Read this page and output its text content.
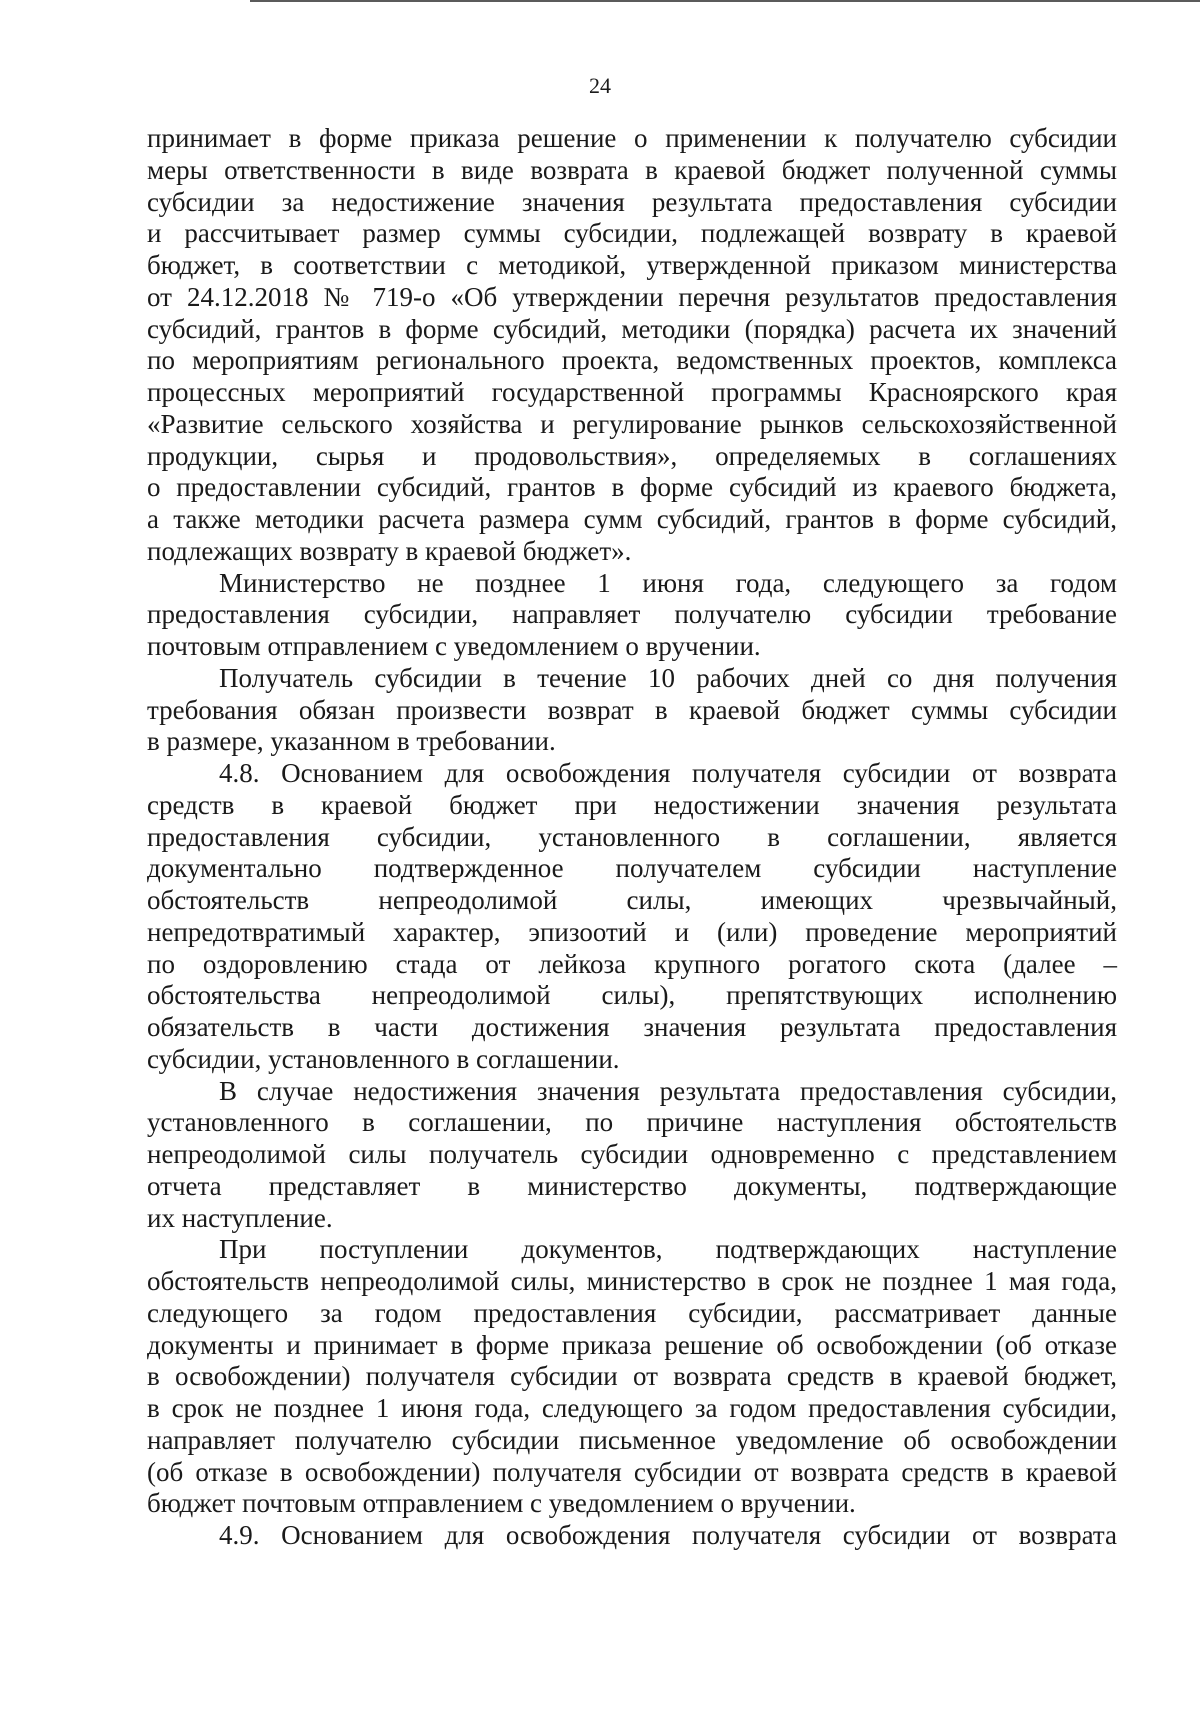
24
принимает в форме приказа решение о применении к получателю субсидии
меры ответственности в виде возврата в краевой бюджет полученной суммы
субсидии за недостижение значения результата предоставления субсидии
и рассчитывает размер суммы субсидии, подлежащей возврату в краевой
бюджет, в соответствии с методикой, утвержденной приказом министерства
от 24.12.2018 № 719-о «Об утверждении перечня результатов предоставления
субсидий, грантов в форме субсидий, методики (порядка) расчета их значений
по мероприятиям регионального проекта, ведомственных проектов, комплекса
процессных мероприятий государственной программы Красноярского края
«Развитие сельского хозяйства и регулирование рынков сельскохозяйственной
продукции, сырья и продовольствия», определяемых в соглашениях
о предоставлении субсидий, грантов в форме субсидий из краевого бюджета,
а также методики расчета размера сумм субсидий, грантов в форме субсидий,
подлежащих возврату в краевой бюджет».
Министерство не позднее 1 июня года, следующего за годом
предоставления субсидии, направляет получателю субсидии требование
почтовым отправлением с уведомлением о вручении.
Получатель субсидии в течение 10 рабочих дней со дня получения
требования обязан произвести возврат в краевой бюджет суммы субсидии
в размере, указанном в требовании.
4.8. Основанием для освобождения получателя субсидии от возврата
средств в краевой бюджет при недостижении значения результата
предоставления субсидии, установленного в соглашении, является
документально подтвержденное получателем субсидии наступление
обстоятельств непреодолимой силы, имеющих чрезвычайный,
непредотвратимый характер, эпизоотий и (или) проведение мероприятий
по оздоровлению стада от лейкоза крупного рогатого скота (далее –
обстоятельства непреодолимой силы), препятствующих исполнению
обязательств в части достижения значения результата предоставления
субсидии, установленного в соглашении.
В случае недостижения значения результата предоставления субсидии,
установленного в соглашении, по причине наступления обстоятельств
непреодолимой силы получатель субсидии одновременно с представлением
отчета представляет в министерство документы, подтверждающие
их наступление.
При поступлении документов, подтверждающих наступление
обстоятельств непреодолимой силы, министерство в срок не позднее 1 мая года,
следующего за годом предоставления субсидии, рассматривает данные
документы и принимает в форме приказа решение об освобождении (об отказе
в освобождении) получателя субсидии от возврата средств в краевой бюджет,
в срок не позднее 1 июня года, следующего за годом предоставления субсидии,
направляет получателю субсидии письменное уведомление об освобождении
(об отказе в освобождении) получателя субсидии от возврата средств в краевой
бюджет почтовым отправлением с уведомлением о вручении.
4.9. Основанием для освобождения получателя субсидии от возврата
